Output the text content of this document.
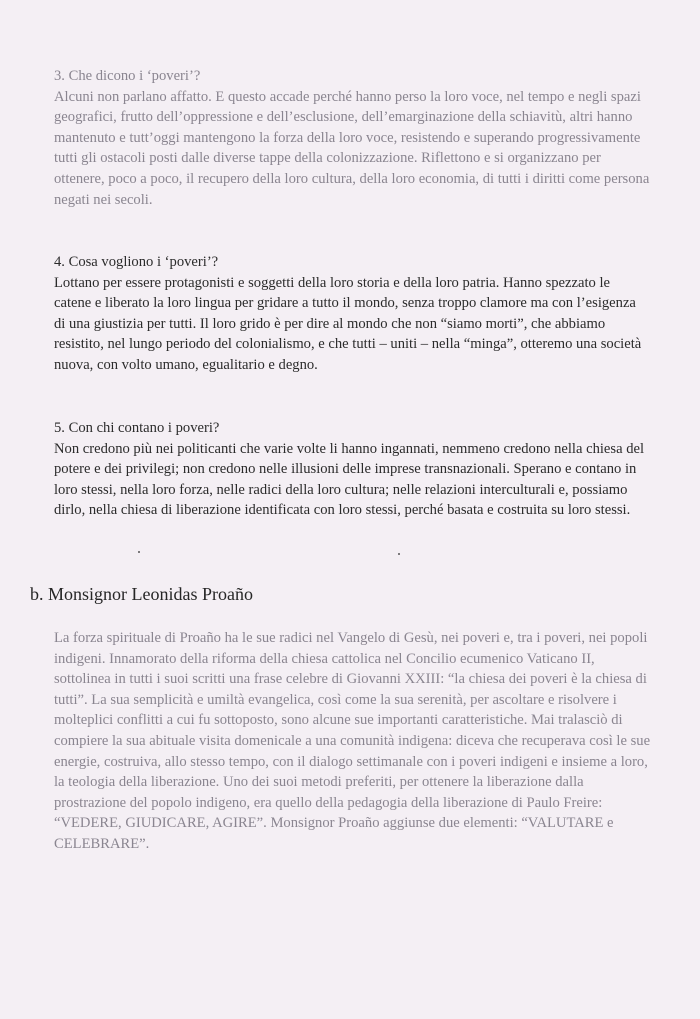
3. Che dicono i ‘poveri’?

Alcuni non parlano affatto. E questo accade perché hanno perso la loro voce, nel tempo e negli spazi geografici, frutto dell’oppressione e dell’esclusione, dell’emarginazione della schiavitù, altri hanno mantenuto e tutt’oggi mantengono la forza della loro voce, resistendo e superando progressivamente tutti gli ostacoli posti dalle diverse tappe della colonizzazione. Riflettono e si organizzano per ottenere, poco a poco, il recupero della loro cultura, della loro economia, di tutti i diritti come persona negati nei secoli.

4. Cosa vogliono i ‘poveri’?

Lottano per essere protagonisti e soggetti della loro storia e della loro patria. Hanno spezzato le catene e liberato la loro lingua per gridare a tutto il mondo, senza troppo clamore ma con l’esigenza di una giustizia per tutti. Il loro grido è per dire al mondo che non “siamo morti”, che abbiamo resistito, nel lungo periodo del colonialismo, e che tutti – uniti – nella “minga”, otteremo una società nuova, con volto umano, egualitario e degno.

5. Con chi contano i poveri?

Non credono più nei politicanti che varie volte li hanno ingannati, nemmeno credono nella chiesa del potere e dei privilegi; non credono nelle illusioni delle imprese transnazionali. Sperano e contano in loro stessi, nella loro forza, nelle radici della loro cultura; nelle relazioni interculturali e, possiamo dirlo, nella chiesa di liberazione identificata con loro stessi, perché basata e costruita su loro stessi.

b. Monsignor Leonidas Proaño

La forza spirituale di Proaño ha le sue radici nel Vangelo di Gesù, nei poveri e, tra i poveri, nei popoli indigeni. Innamorato della riforma della chiesa cattolica nel Concilio ecumenico Vaticano II, sottolinea in tutti i suoi scritti una frase celebre di Giovanni XXIII: “la chiesa dei poveri è la chiesa di tutti”. La sua semplicità e umiltà evangelica, così come la sua serenità, per ascoltare e risolvere i molteplici conflitti a cui fu sottoposto, sono alcune sue importanti caratteristiche. Mai tralasciò di compiere la sua abituale visita domenicale a una comunità indigena: diceva che recuperava così le sue energie, costruiva, allo stesso tempo, con il dialogo settimanale con i poveri indigeni e insieme a loro, la teologia della liberazione. Uno dei suoi metodi preferiti, per ottenere la liberazione dalla prostrazione del popolo indigeno, era quello della pedagogia della liberazione di Paulo Freire: “VEDERE, GIUDICARE, AGIRE”. Monsignor Proaño aggiunse due elementi: “VALUTARE e CELEBRARE”.
